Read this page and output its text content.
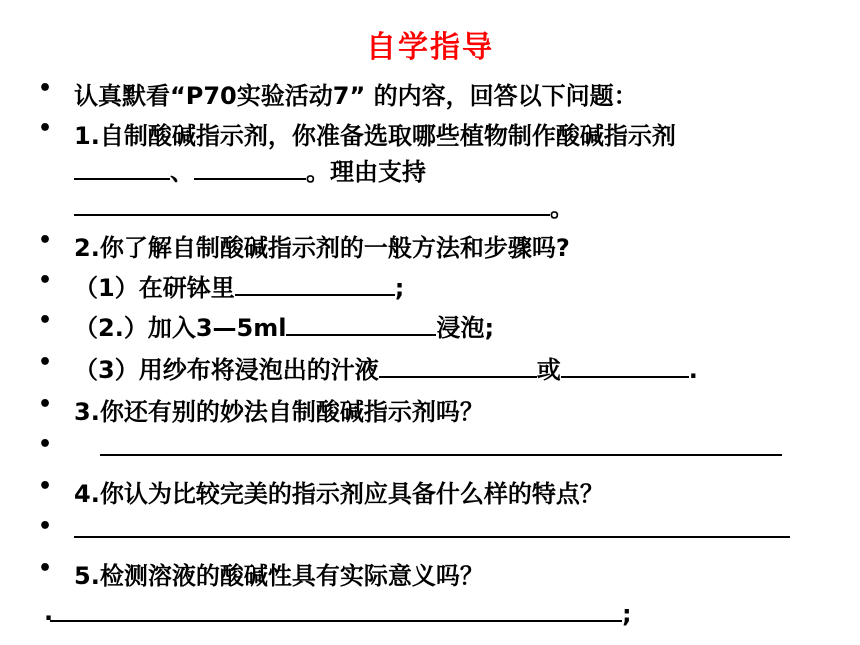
自学指导
• 认真默看“P70实验活动7” 的内容，回答以下问题：
• 1.自制酸碱指示剂，你准备选取哪些植物制作酸碱指示剂
、	。理由支持
。
• 2.你了解自制酸碱指示剂的一般方法和步骤吗?
• （1）在研钵里	;
• （2.）加入3—5ml	浸泡;
• （3）用纱布将浸泡出的汁液	或	.
• 3.你还有别的妙法自制酸碱指示剂吗？
•
• 4.你认为比较完美的指示剂应具备什么样的特点？
•
• 5.检测溶液的酸碱性具有实际意义吗？
.	;
